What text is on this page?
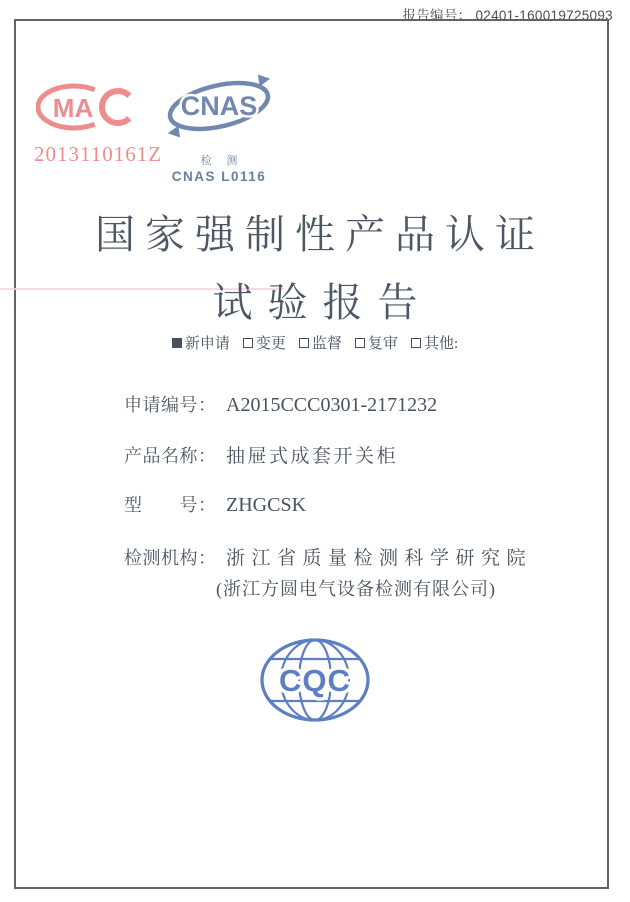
报告编号： 02401-160019725093
MA
2013110161Z
CNAS
检 测
CNAS L0116
国家强制性产品认证
试验报告
新申请 变更 监督 复审 其他:
申请编号： A2015CCC0301-2171232
产品名称： 抽屉式成套开关柜
型　　号： ZHGCSK
检测机构： 浙江省质量检测科学研究院
(浙江方圆电气设备检测有限公司)
CQC
